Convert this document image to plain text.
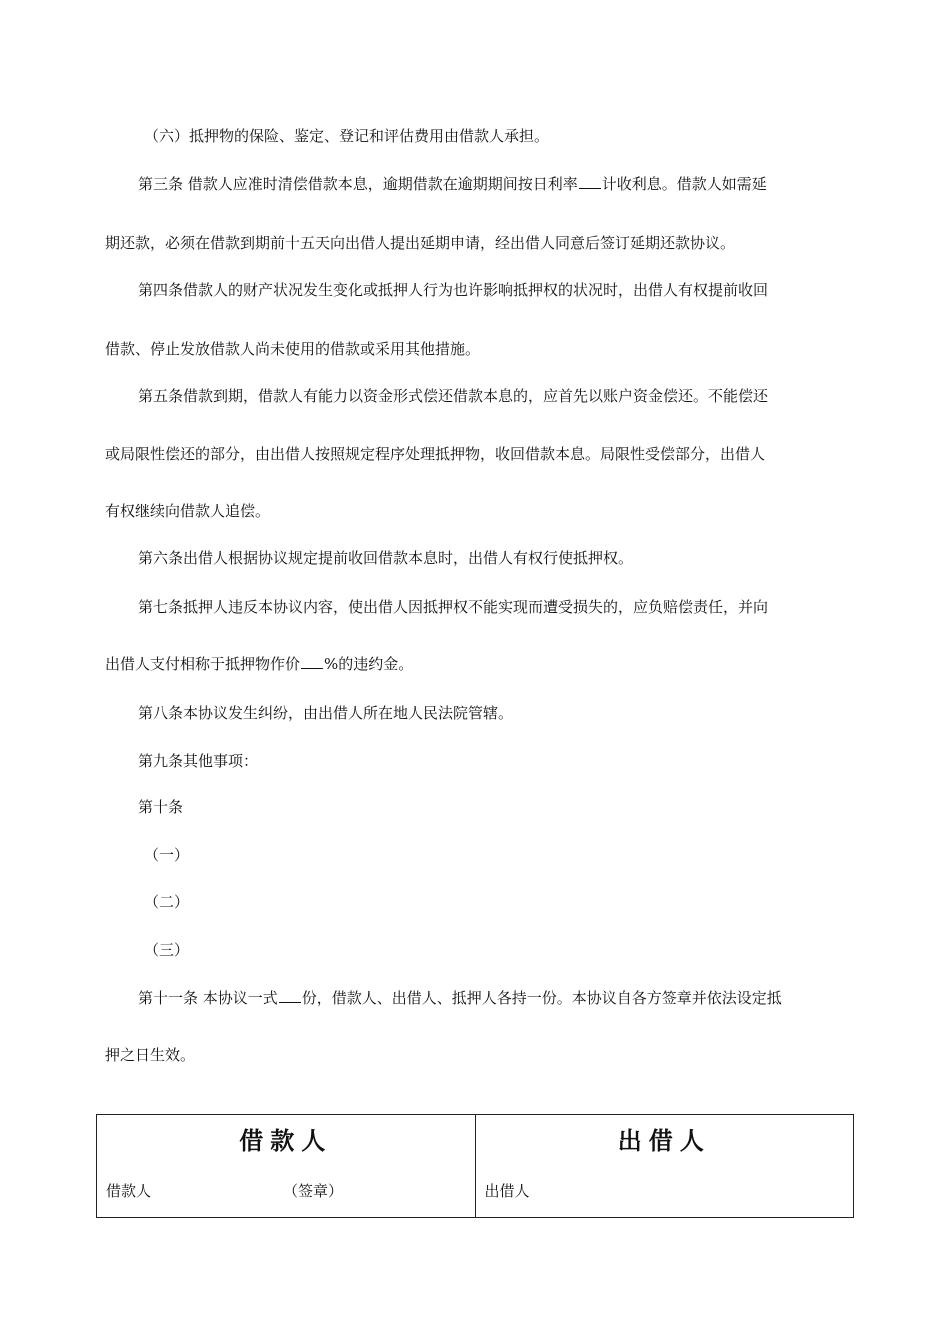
（六）抵押物的保险、鉴定、登记和评估费用由借款人承担。
第三条 借款人应准时清偿借款本息，逾期借款在逾期期间按日利率 计收利息。借款人如需延
期还款，必须在借款到期前十五天向出借人提出延期申请，经出借人同意后签订延期还款协议。
第四条借款人的财产状况发生变化或抵押人行为也许影响抵押权的状况时，出借人有权提前收回
借款、停止发放借款人尚未使用的借款或采用其他措施。
第五条借款到期，借款人有能力以资金形式偿还借款本息的，应首先以账户资金偿还。不能偿还
或局限性偿还的部分，由出借人按照规定程序处理抵押物，收回借款本息。局限性受偿部分，出借人
有权继续向借款人追偿。
第六条出借人根据协议规定提前收回借款本息时，出借人有权行使抵押权。
第七条抵押人违反本协议内容，使出借人因抵押权不能实现而遭受损失的，应负赔偿责任，并向
出借人支付相称于抵押物作价 %的违约金。
第八条本协议发生纠纷，由出借人所在地人民法院管辖。
第九条其他事项：
第十条
（一）
（二）
（三）
第十一条 本协议一式 份，借款人、出借人、抵押人各持一份。本协议自各方签章并依法设定抵
押之日生效。
借款人
借款人	（签章）
出借人
出借人
